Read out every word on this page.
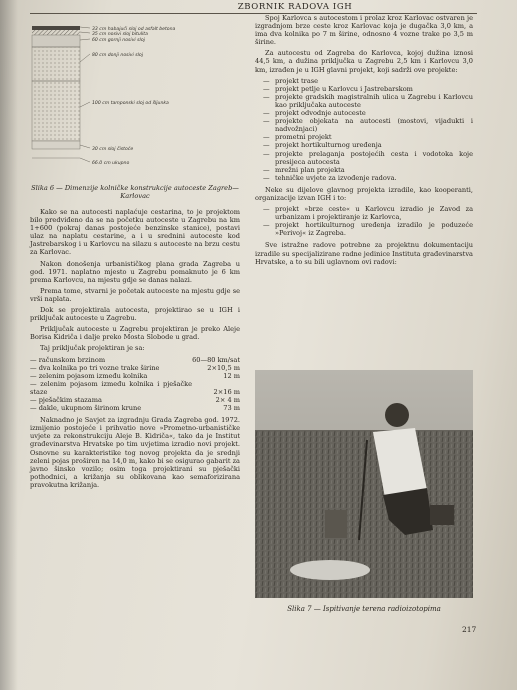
ZBORNIK RADOVA IGH
33 cm habajući sloj od asfalt betona
35 cm nosivi sloj bitulita
60 cm gornji nosivi sloj
80 cm donji nosivi sloj
100 cm tamponski sloj od šljunka
30 cm sloj čistoće
66.0 cm ukupno
Slika 6 — Dimenzije kolničke konstrukcije autoceste Zagreb—Karlovac

Kako se na autocesti naplaćuje cestarina, to je projektom bilo predviđeno da se na početku autoceste u Zagrebu na km 1+600 (pokraj danas postojeće benzinske stanice), postavi ulaz na naplatu cestarine, a i u srednini autoceste kod Jastrebarskog i u Karlovcu na silazu s autoceste na brzu cestu za Karlovac.

Nakon donošenja urbanističkog plana grada Zagreba u god. 1971. naplatno mjesto u Zagrebu pomaknuto je 6 km prema Karlovcu, na mjestu gdje se danas nalazi.

Prema tome, stvarni je početak autoceste na mjestu gdje se vrši naplata.

Dok se projektirala autocesta, projektirao se u IGH i priključak autoceste u Zagrebu.

Priključak autoceste u Zagrebu projektiran je preko Aleje Borisa Kidriča i dalje preko Mosta Slobode u grad.

Taj priključak projektiran je sa:

— računskom brzinom	60—80 km/sat
— dva kolnika po tri vozne trake širine	2×10,5 m
— zelenim pojasom između kolnika	12 m
— zelenim pojasom između kolnika i pješačke staze	2×16 m
— pješačkim stazama	2× 4 m
— dakle, ukupnom širinom krune	73 m

Naknadno je Savjet za izgradnju Grada Zagreba god. 1972. izmijenio postojeće i prihvatio nove »Prometno-urbanističke uvjete za rekonstrukciju Aleje B. Kidriča«, tako da je Institut građevinarstva Hrvatske po tim uvjetima izradio novi projekt. Osnovne su karakteristike tog novog projekta da je srednji zeleni pojas proširen na 14,0 m, kako bi se osigurao gabarit za javno šinsko vozilo; osim toga projektirani su pješački pothodnici, a križanja su oblikovana kao semaforizirana pravokutna križanja.

Spoj Karlovca s autocestom i prolaz kroz Karlovac ostvaren je izgradnjom brze ceste kroz Karlovac koja je dugačka 3,0 km, a ima dva kolnika po 7 m širine, odnosno 4 vozne trake po 3,5 m širine.

Za autocestu od Zagreba do Karlovca, kojoj dužina iznosi 44,5 km, a dužina priključka u Zagrebu 2,5 km i Karlovcu 3,0 km, izrađen je u IGH glavni projekt, koji sadrži ove projekte:

— projekt trase
— projekt petlje u Karlovcu i Jastrebarskom
— projekte gradskih magistralnih ulica u Zagrebu i Karlovcu kao priključaka autoceste
— projekt odvodnje autoceste
— projekte objekata na autocesti (mostovi, vijadukti i nadvožnjaci)
— prometni projekt
— projekt hortikulturnog uređenja
— projekte prelaganja postojećih cesta i vodotoka koje presijeca autocesta
— mrežni plan projekta
— tehničke uvjete za izvođenje radova.

Neke su dijelove glavnog projekta izradile, kao kooperanti, organizacije izvan IGH i to:

— projekt »brze ceste« u Karlovcu izradio je Zavod za urbanizam i projektiranje iz Karlovca,
— projekt hortikulturnog uređenja izradilo je poduzeće »Perivoj« iz Zagreba.

Sve istražne radove potrebne za projektnu dokumentaciju izradile su specijalizirane radne jedinice Instituta građevinarstva Hrvatske, a to su bili uglavnom ovi radovi:

Slika 7 — Ispitivanje terena radioizotopima
217
